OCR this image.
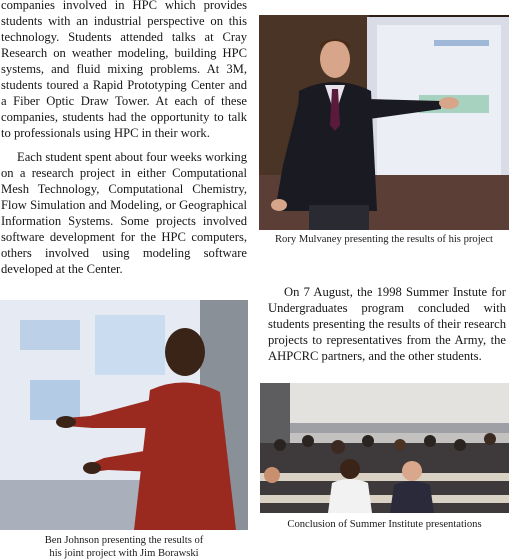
companies involved in HPC which provides students with an industrial perspective on this technology. Students attended talks at Cray Research on weather modeling, building HPC systems, and fluid mixing problems. At 3M, students toured a Rapid Prototyping Center and a Fiber Optic Draw Tower. At each of these companies, students had the opportunity to talk to professionals using HPC in their work.

Each student spent about four weeks working on a research project in either Computational Mesh Technology, Computational Chemistry, Flow Simulation and Modeling, or Geographical Information Systems. Some projects involved software development for the HPC computers, others involved using modeling software developed at the Center.

Rory Mulvaney presenting the results of his project

On 7 August, the 1998 Summer Instute for Undergraduates program concluded with students presenting the results of their research projects to representatives from the Army, the AHPCRC partners, and the other students.

Ben Johnson presenting the results of
his joint project with Jim Borawski
Conclusion of Summer Institute presentations
